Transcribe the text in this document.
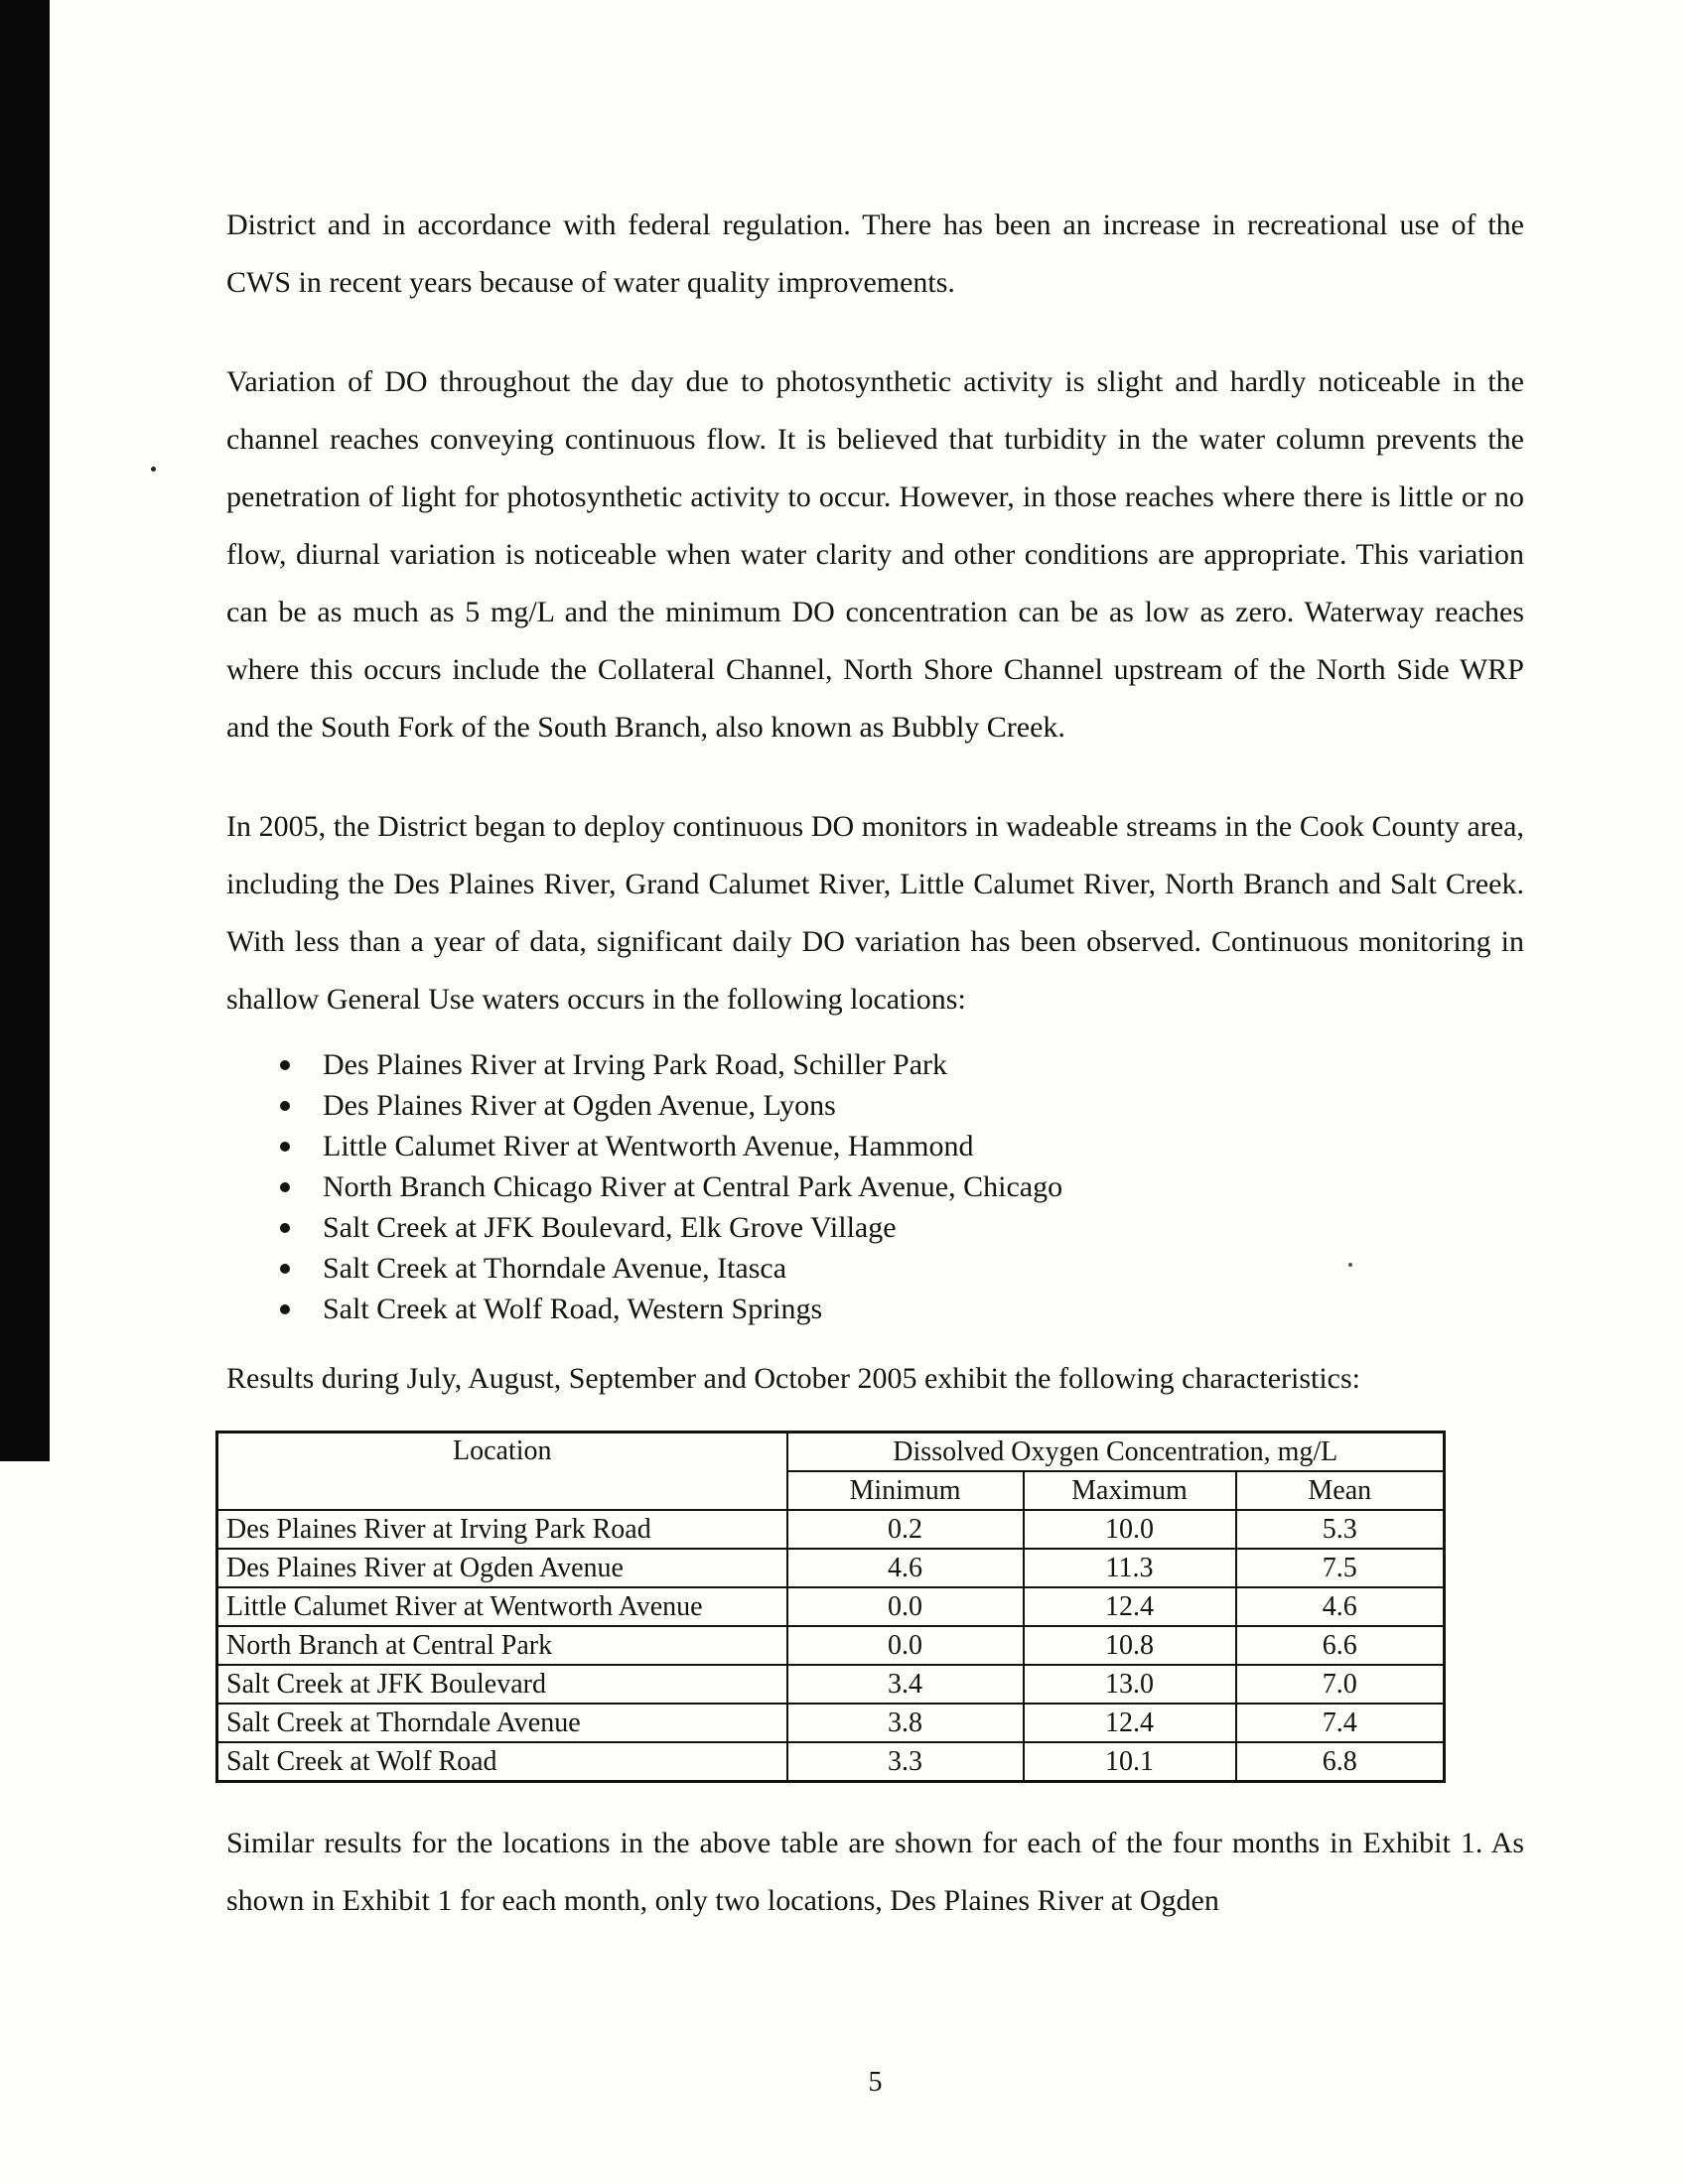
District and in accordance with federal regulation. There has been an increase in recreational use of the CWS in recent years because of water quality improvements.

Variation of DO throughout the day due to photosynthetic activity is slight and hardly noticeable in the channel reaches conveying continuous flow. It is believed that turbidity in the water column prevents the penetration of light for photosynthetic activity to occur. However, in those reaches where there is little or no flow, diurnal variation is noticeable when water clarity and other conditions are appropriate. This variation can be as much as 5 mg/L and the minimum DO concentration can be as low as zero. Waterway reaches where this occurs include the Collateral Channel, North Shore Channel upstream of the North Side WRP and the South Fork of the South Branch, also known as Bubbly Creek.

In 2005, the District began to deploy continuous DO monitors in wadeable streams in the Cook County area, including the Des Plaines River, Grand Calumet River, Little Calumet River, North Branch and Salt Creek. With less than a year of data, significant daily DO variation has been observed. Continuous monitoring in shallow General Use waters occurs in the following locations:

Des Plaines River at Irving Park Road, Schiller Park
Des Plaines River at Ogden Avenue, Lyons
Little Calumet River at Wentworth Avenue, Hammond
North Branch Chicago River at Central Park Avenue, Chicago
Salt Creek at JFK Boulevard, Elk Grove Village
Salt Creek at Thorndale Avenue, Itasca
Salt Creek at Wolf Road, Western Springs

Results during July, August, September and October 2005 exhibit the following characteristics:

Location	Dissolved Oxygen Concentration, mg/L		
	Minimum	Maximum	Mean
Des Plaines River at Irving Park Road	0.2	10.0	5.3
Des Plaines River at Ogden Avenue	4.6	11.3	7.5
Little Calumet River at Wentworth Avenue	0.0	12.4	4.6
North Branch at Central Park	0.0	10.8	6.6
Salt Creek at JFK Boulevard	3.4	13.0	7.0
Salt Creek at Thorndale Avenue	3.8	12.4	7.4
Salt Creek at Wolf Road	3.3	10.1	6.8

Similar results for the locations in the above table are shown for each of the four months in Exhibit 1. As shown in Exhibit 1 for each month, only two locations, Des Plaines River at Ogden

5
